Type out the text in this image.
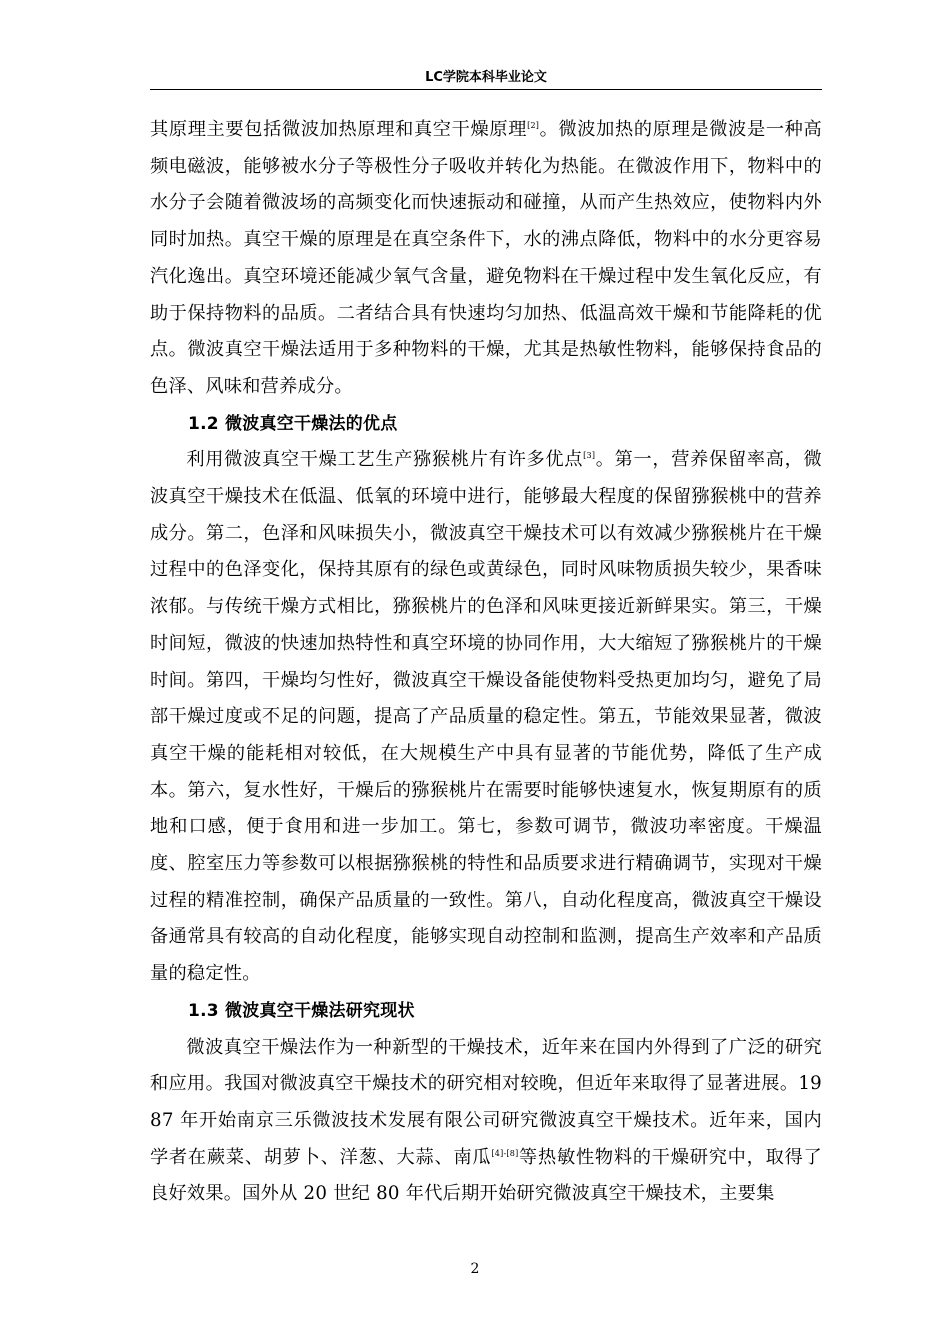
LC学院本科毕业论文

其原理主要包括微波加热原理和真空干燥原理[2]。微波加热的原理是微波是一种高频电磁波，能够被水分子等极性分子吸收并转化为热能。在微波作用下，物料中的水分子会随着微波场的高频变化而快速振动和碰撞，从而产生热效应，使物料内外同时加热。真空干燥的原理是在真空条件下，水的沸点降低，物料中的水分更容易汽化逸出。真空环境还能减少氧气含量，避免物料在干燥过程中发生氧化反应，有助于保持物料的品质。二者结合具有快速均匀加热、低温高效干燥和节能降耗的优点。微波真空干燥法适用于多种物料的干燥，尤其是热敏性物料，能够保持食品的色泽、风味和营养成分。

1.2 微波真空干燥法的优点

利用微波真空干燥工艺生产猕猴桃片有许多优点[3]。第一，营养保留率高，微波真空干燥技术在低温、低氧的环境中进行，能够最大程度的保留猕猴桃中的营养成分。第二，色泽和风味损失小，微波真空干燥技术可以有效减少猕猴桃片在干燥过程中的色泽变化，保持其原有的绿色或黄绿色，同时风味物质损失较少，果香味浓郁。与传统干燥方式相比，猕猴桃片的色泽和风味更接近新鲜果实。第三，干燥时间短，微波的快速加热特性和真空环境的协同作用，大大缩短了猕猴桃片的干燥时间。第四，干燥均匀性好，微波真空干燥设备能使物料受热更加均匀，避免了局部干燥过度或不足的问题，提高了产品质量的稳定性。第五，节能效果显著，微波真空干燥的能耗相对较低，在大规模生产中具有显著的节能优势，降低了生产成本。第六，复水性好，干燥后的猕猴桃片在需要时能够快速复水，恢复期原有的质地和口感，便于食用和进一步加工。第七，参数可调节，微波功率密度。干燥温度、腔室压力等参数可以根据猕猴桃的特性和品质要求进行精确调节，实现对干燥过程的精准控制，确保产品质量的一致性。第八，自动化程度高，微波真空干燥设备通常具有较高的自动化程度，能够实现自动控制和监测，提高生产效率和产品质量的稳定性。

1.3 微波真空干燥法研究现状

微波真空干燥法作为一种新型的干燥技术，近年来在国内外得到了广泛的研究和应用。我国对微波真空干燥技术的研究相对较晚，但近年来取得了显著进展。1987 年开始南京三乐微波技术发展有限公司研究微波真空干燥技术。近年来，国内学者在蕨菜、胡萝卜、洋葱、大蒜、南瓜[4]-[8]等热敏性物料的干燥研究中，取得了良好效果。国外从 20 世纪 80 年代后期开始研究微波真空干燥技术，主要集

2
